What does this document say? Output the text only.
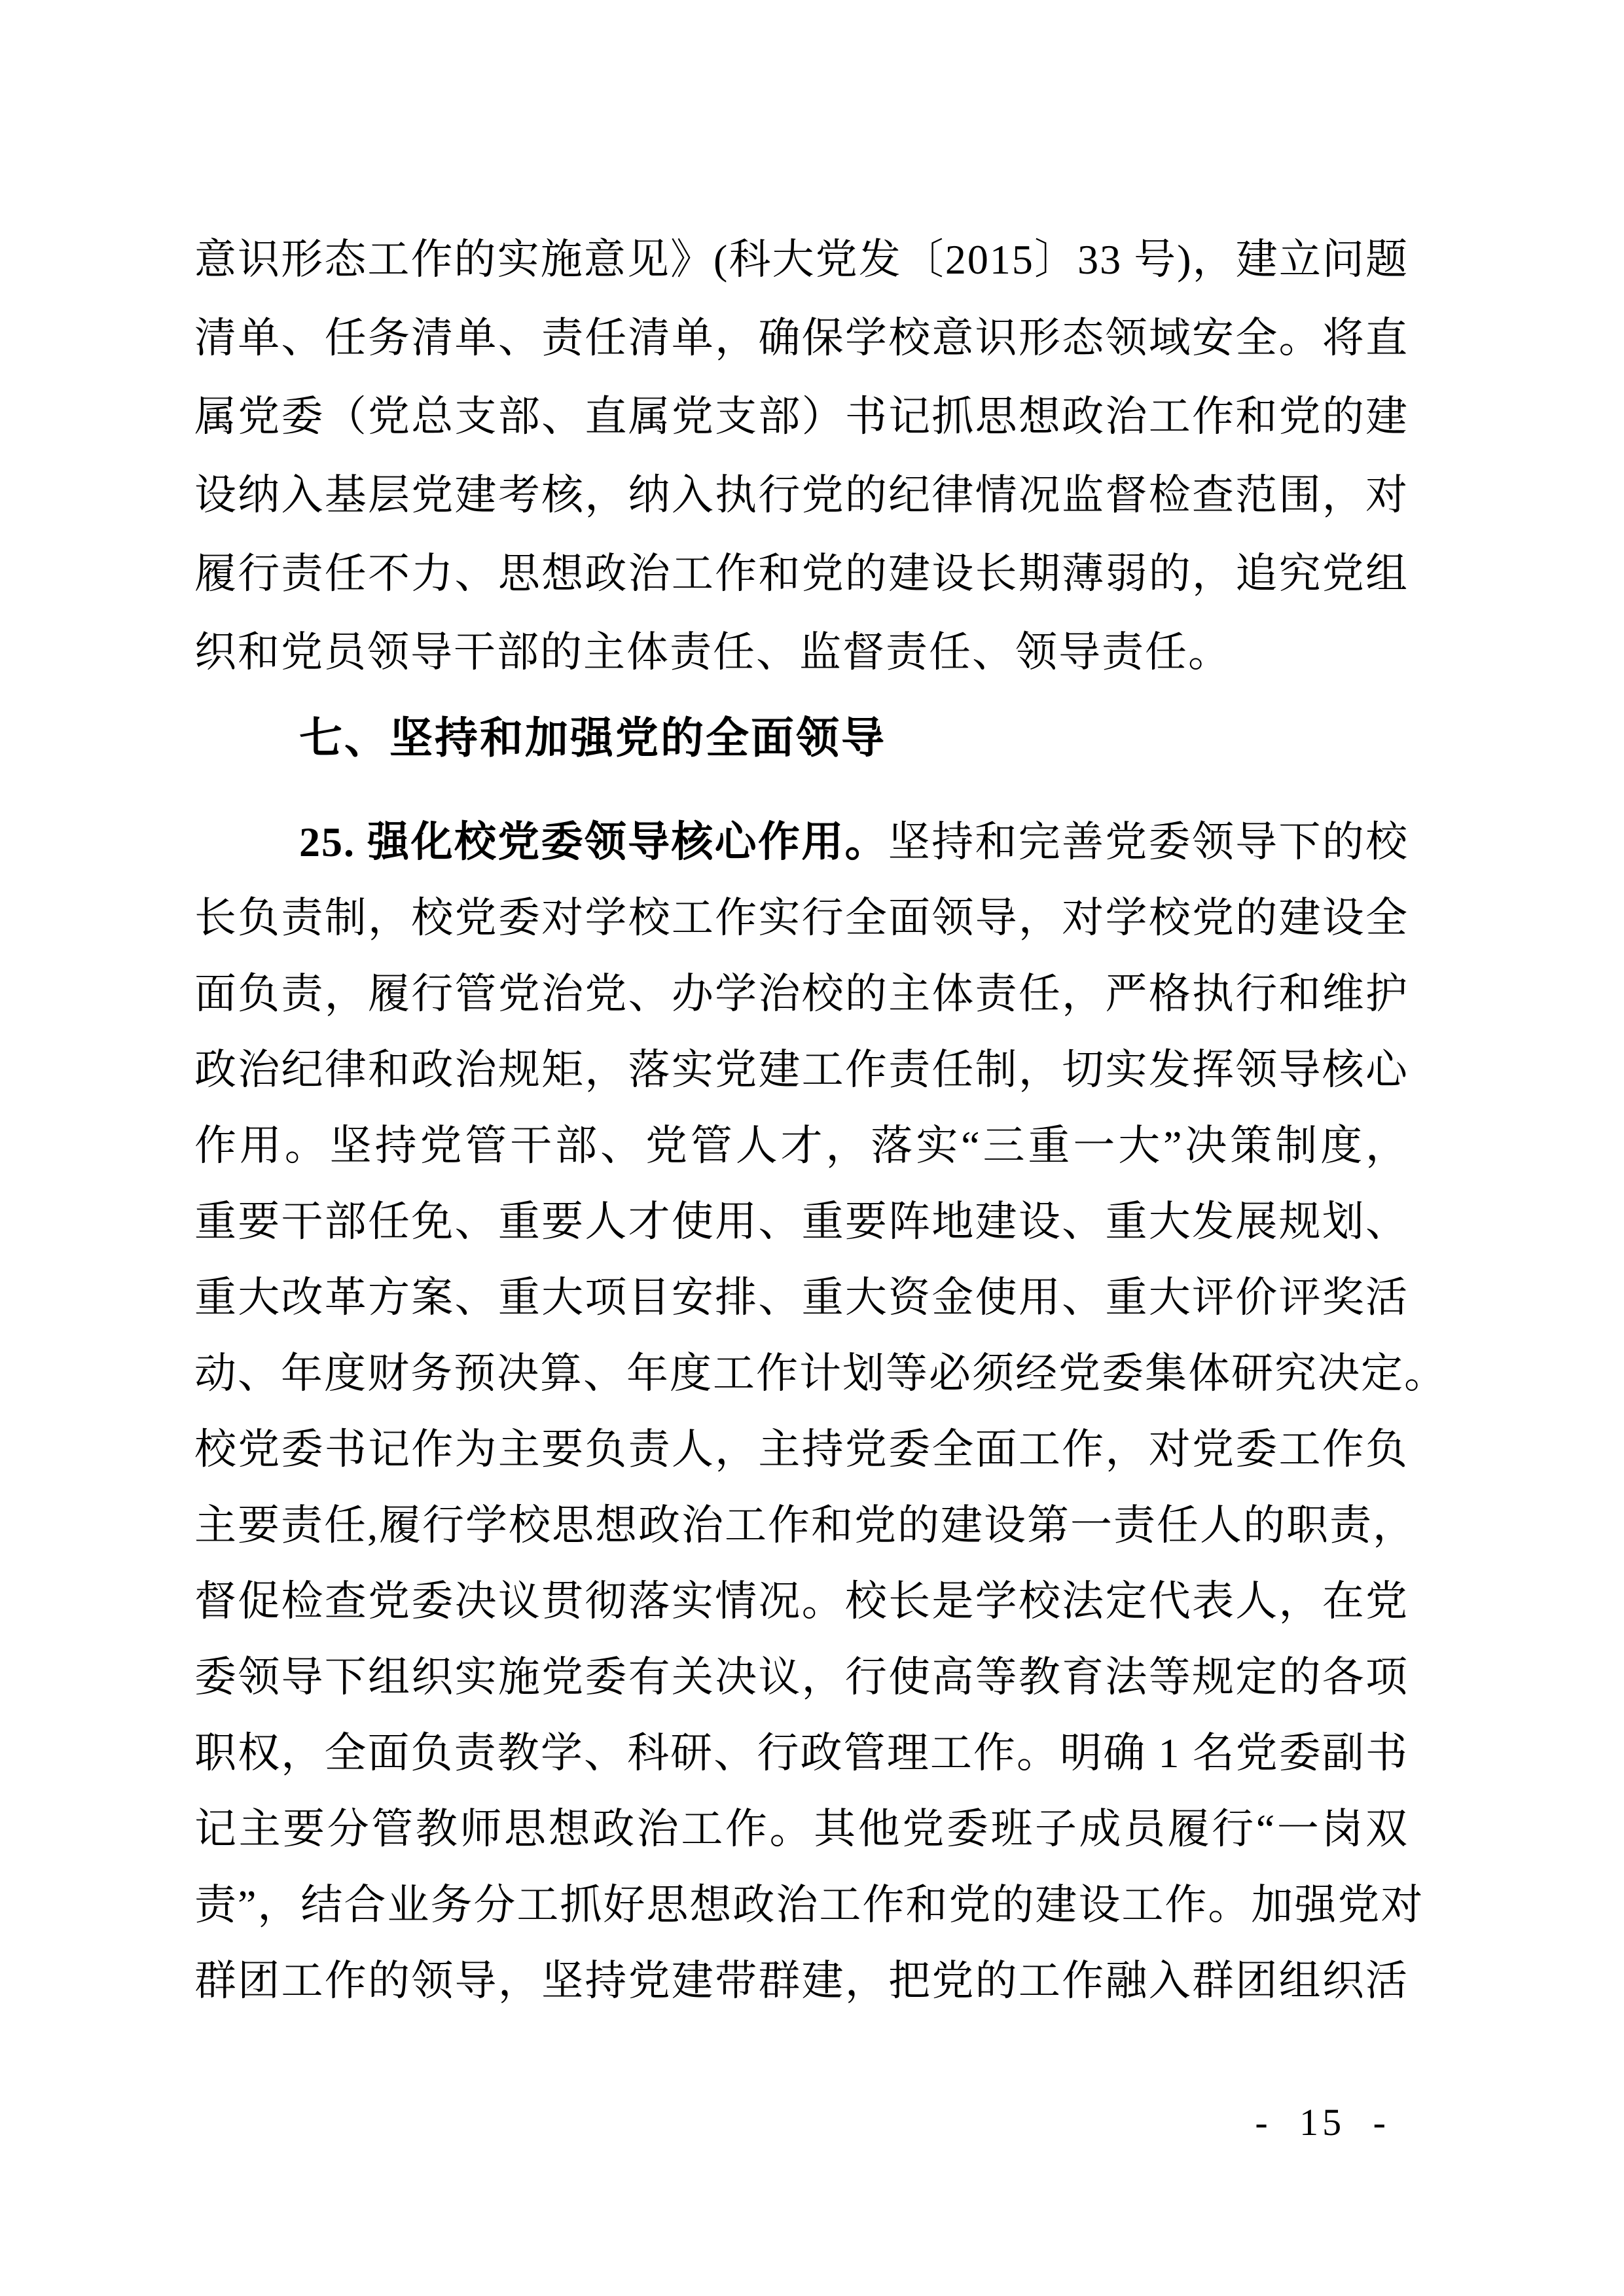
意识形态工作的实施意见》(科大党发〔2015〕33 号)，建立问题
清单、任务清单、责任清单，确保学校意识形态领域安全。将直
属党委（党总支部、直属党支部）书记抓思想政治工作和党的建
设纳入基层党建考核，纳入执行党的纪律情况监督检查范围，对
履行责任不力、思想政治工作和党的建设长期薄弱的，追究党组
织和党员领导干部的主体责任、监督责任、领导责任。
七、坚持和加强党的全面领导
25. 强化校党委领导核心作用。坚持和完善党委领导下的校
长负责制，校党委对学校工作实行全面领导，对学校党的建设全
面负责，履行管党治党、办学治校的主体责任，严格执行和维护
政治纪律和政治规矩，落实党建工作责任制，切实发挥领导核心
作用。坚持党管干部、党管人才，落实“三重一大”决策制度，
重要干部任免、重要人才使用、重要阵地建设、重大发展规划、
重大改革方案、重大项目安排、重大资金使用、重大评价评奖活
动、年度财务预决算、年度工作计划等必须经党委集体研究决定。
校党委书记作为主要负责人，主持党委全面工作，对党委工作负
主要责任,履行学校思想政治工作和党的建设第一责任人的职责，
督促检查党委决议贯彻落实情况。校长是学校法定代表人，在党
委领导下组织实施党委有关决议，行使高等教育法等规定的各项
职权，全面负责教学、科研、行政管理工作。明确 1 名党委副书
记主要分管教师思想政治工作。其他党委班子成员履行“一岗双
责”，结合业务分工抓好思想政治工作和党的建设工作。加强党对
群团工作的领导，坚持党建带群建，把党的工作融入群团组织活
- 15 -
